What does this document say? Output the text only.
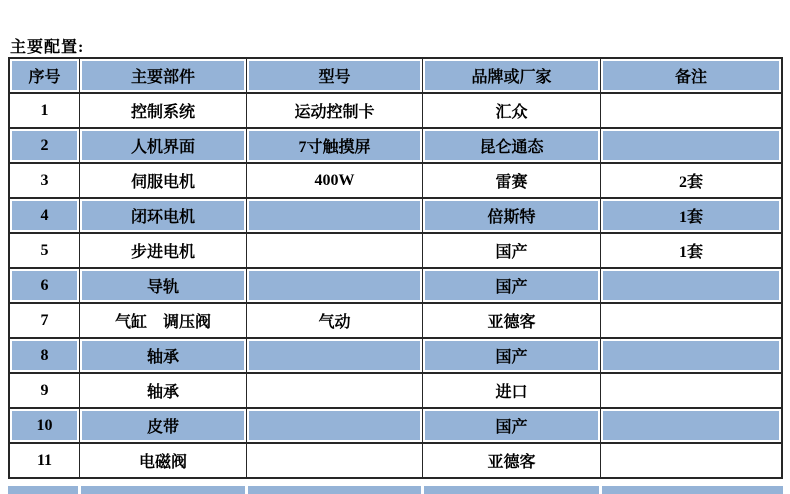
主要配置:
序号	主要部件	型号	品牌或厂家	备注
1	控制系统	运动控制卡	汇众	
2	人机界面	7寸触摸屏	昆仑通态	
3	伺服电机	400W	雷赛	2套
4	闭环电机		倍斯特	1套
5	步进电机		国产	1套
6	导轨		国产	
7	气缸　调压阀	气动	亚德客	
8	轴承		国产	
9	轴承		进口	
10	皮带		国产	
11	电磁阀		亚德客	
